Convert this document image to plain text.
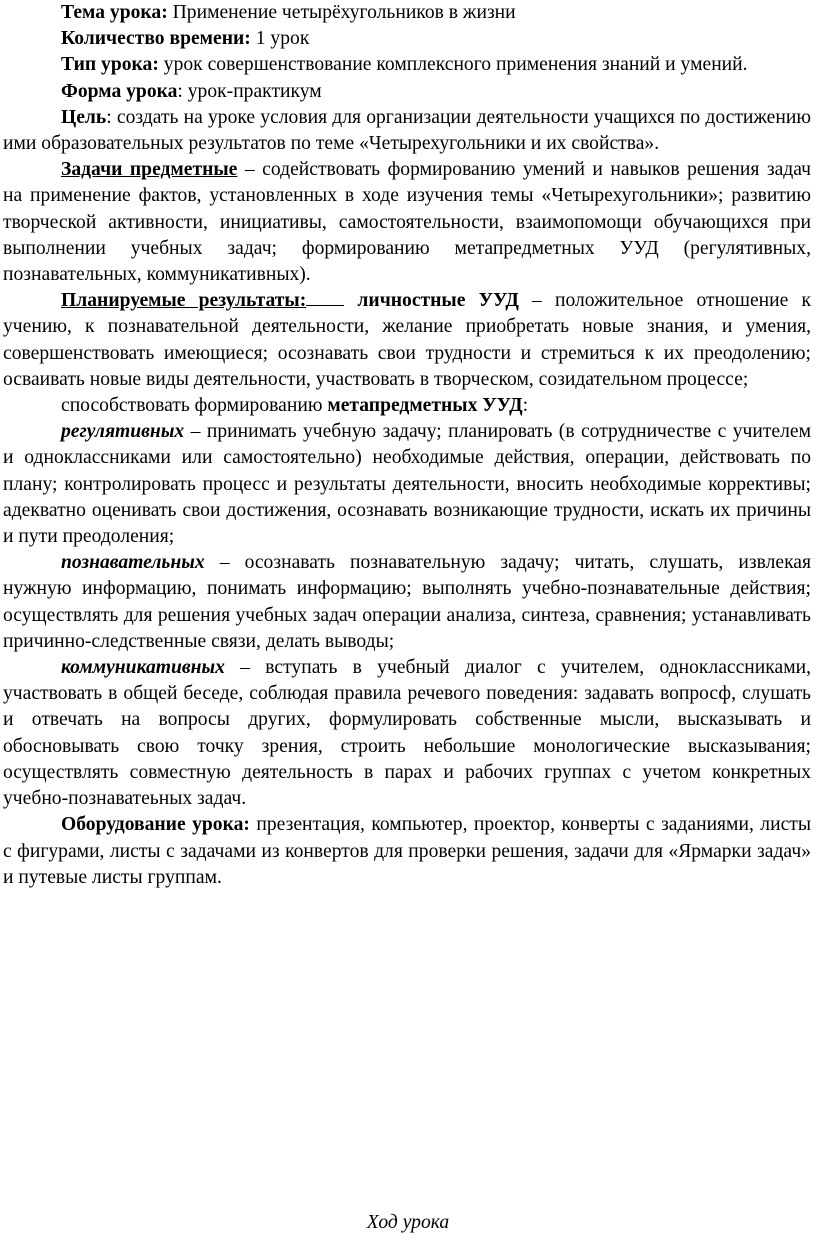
Тема урока: Применение четырёхугольников в жизни

Количество времени: 1 урок

Тип урока: урок совершенствование комплексного применения знаний и умений.

Форма урока: урок-практикум

Цель: создать на уроке условия для организации деятельности учащихся по достижению ими образовательных результатов по теме «Четырехугольники и их свойства».

Задачи предметные – содействовать формированию умений и навыков решения задач на применение фактов, установленных в ходе изучения темы «Четырехугольники»; развитию творческой активности, инициативы, самостоятельности, взаимопомощи обучающихся при выполнении учебных задач; формированию метапредметных УУД (регулятивных, познавательных, коммуникативных).

Планируемые результаты:	личностные УУД – положительное отношение к учению, к познавательной деятельности, желание приобретать новые знания, и умения, совершенствовать имеющиеся; осознавать свои трудности и стремиться к их преодолению; осваивать новые виды деятельности, участвовать в творческом, созидательном процессе;

способствовать формированию метапредметных УУД:

регулятивных – принимать учебную задачу; планировать (в сотрудничестве с учителем и одноклассниками или самостоятельно) необходимые действия, операции, действовать по плану; контролировать процесс и результаты деятельности, вносить необходимые коррективы; адекватно оценивать свои достижения, осознавать возникающие трудности, искать их причины и пути преодоления;

познавательных – осознавать познавательную задачу; читать, слушать, извлекая нужную информацию, понимать информацию; выполнять учебно-познавательные действия; осуществлять для решения учебных задач операции анализа, синтеза, сравнения; устанавливать причинно-следственные связи, делать выводы;

коммуникативных – вступать в учебный диалог с учителем, одноклассниками, участвовать в общей беседе, соблюдая правила речевого поведения: задавать вопросф, слушать и отвечать на вопросы других, формулировать собственные мысли, высказывать и обосновывать свою точку зрения, строить небольшие монологические высказывания; осуществлять совместную деятельность в парах и рабочих группах с учетом конкретных учебно-познаватеьных задач.

Оборудование урока: презентация, компьютер, проектор, конверты с заданиями, листы с фигурами, листы с задачами из конвертов для проверки решения, задачи для «Ярмарки задач» и путевые листы группам.

Ход урока
